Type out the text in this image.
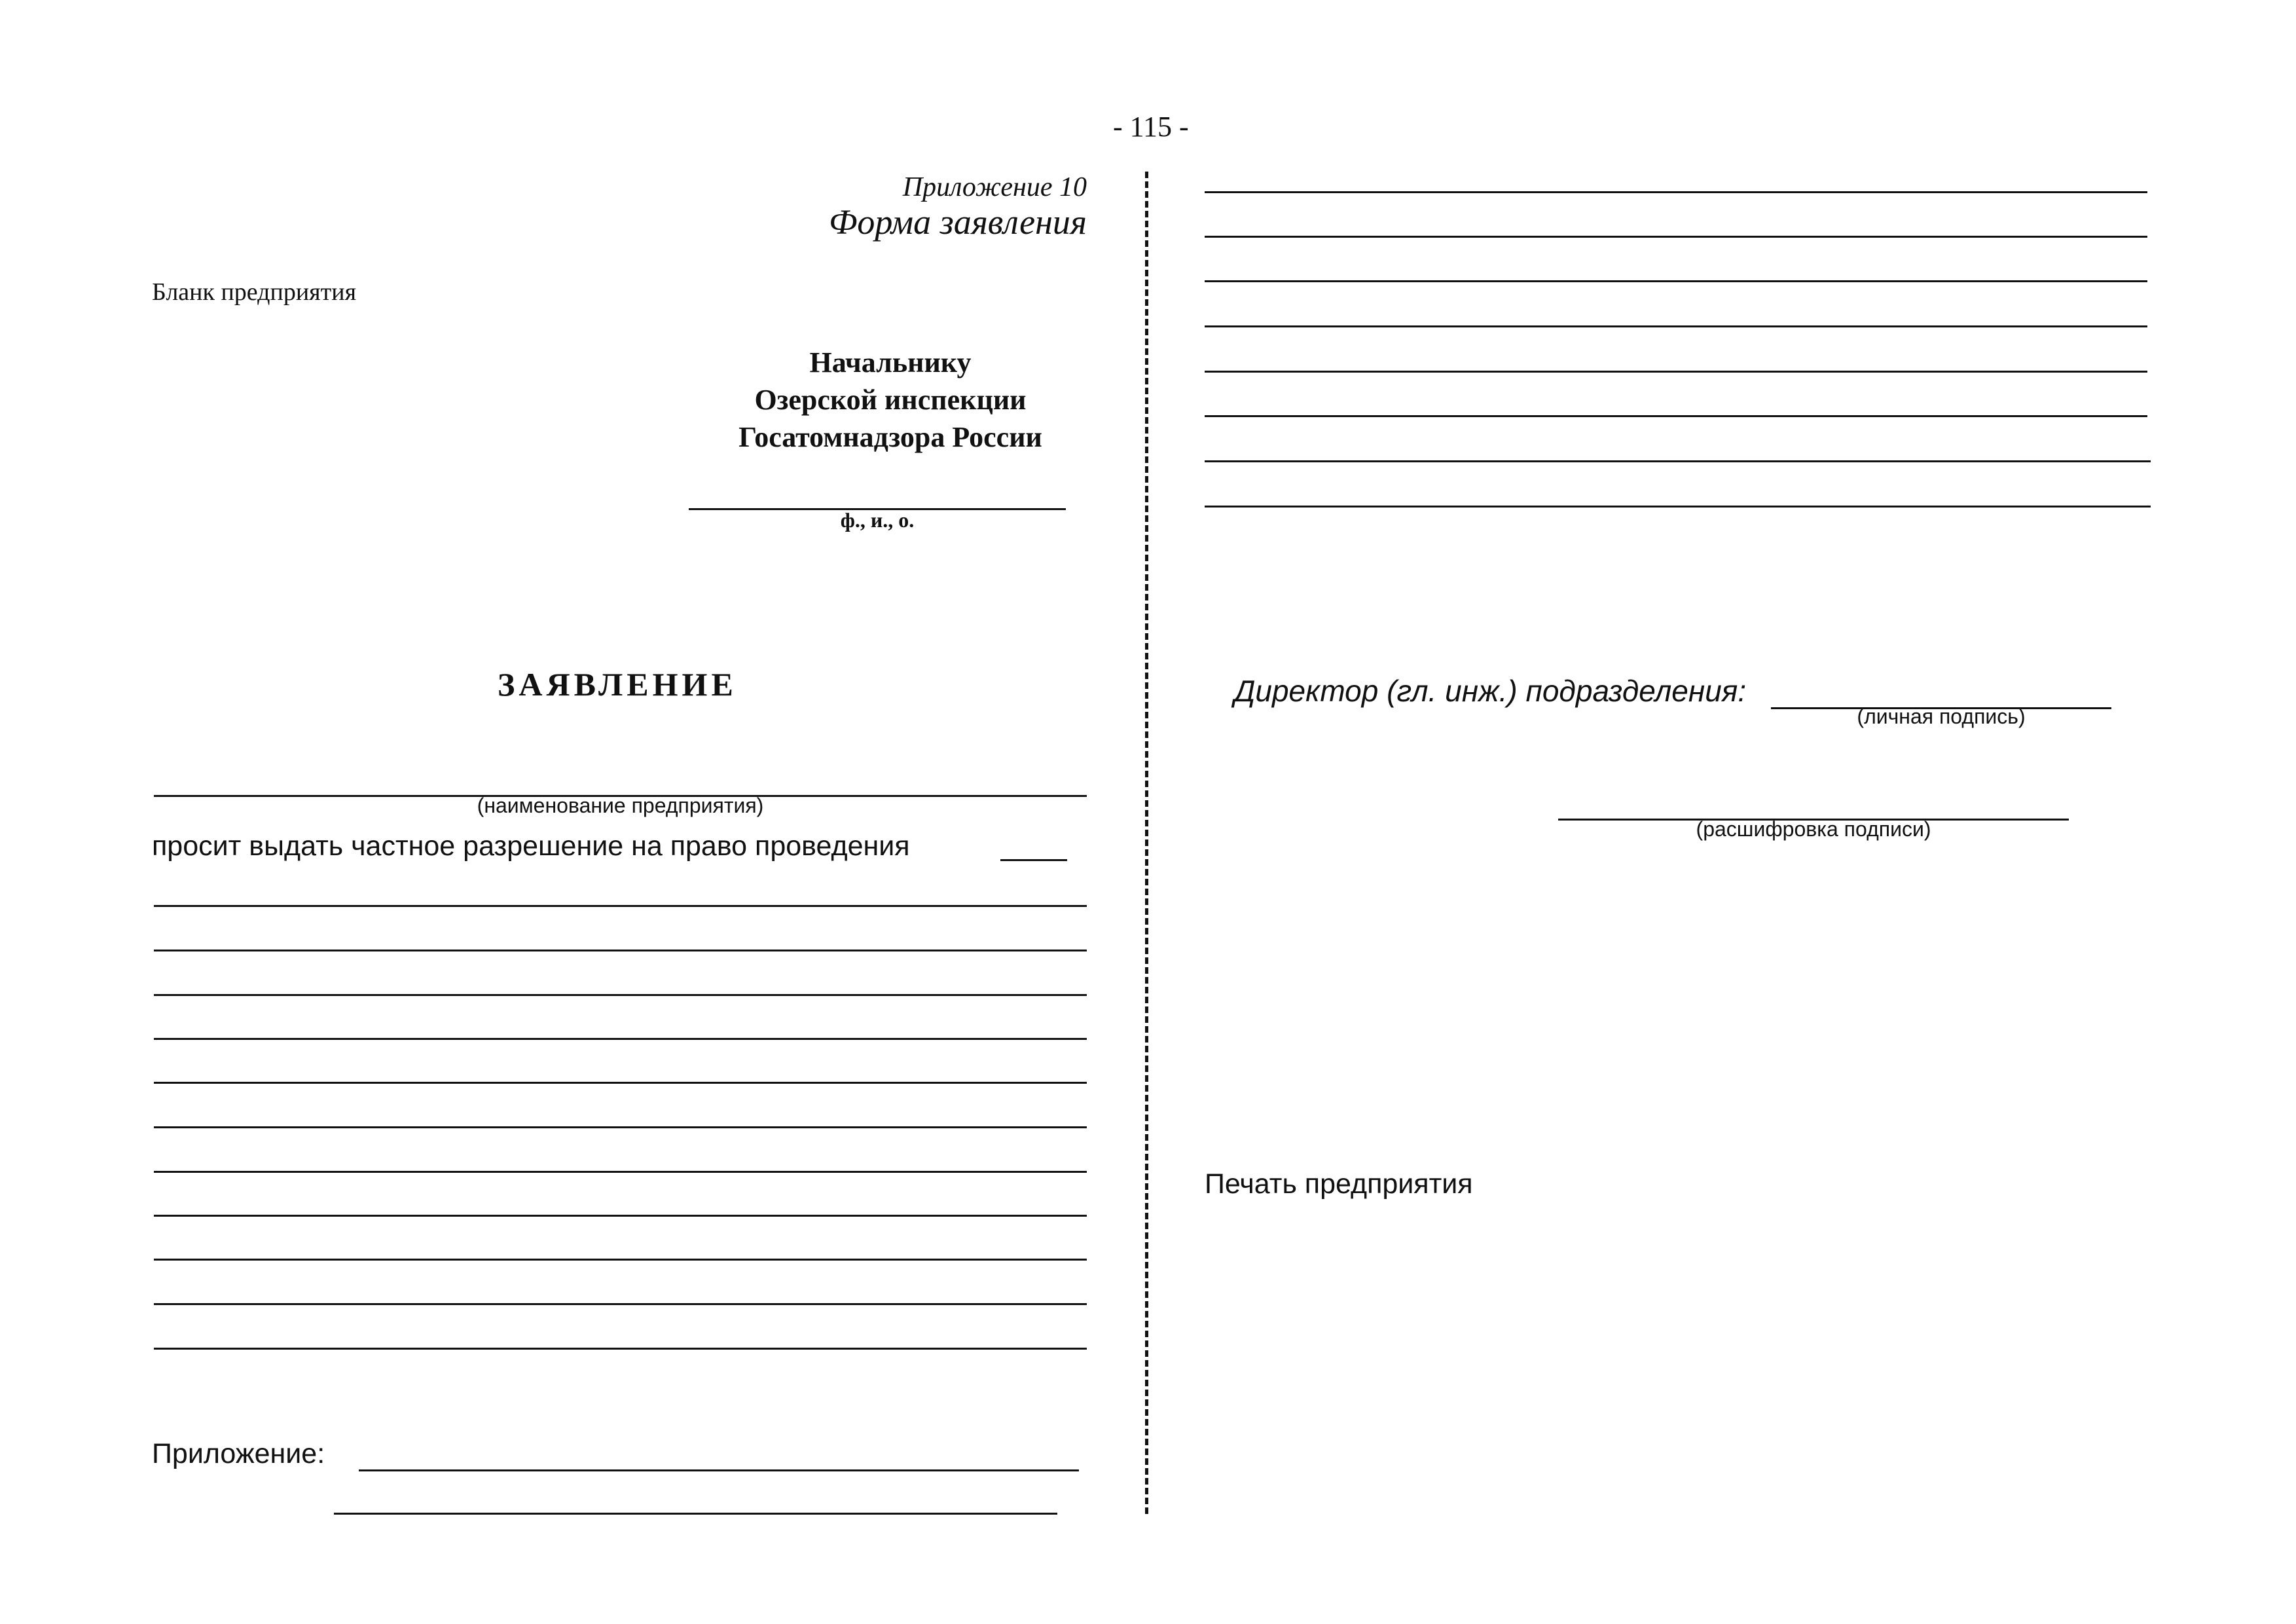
- 115 -
Приложение 10
Форма заявления
Бланк предприятия
Начальнику
Озерской инспекции
Госатомнадзора России
ф., и., о.
ЗАЯВЛЕНИЕ
(наименование предприятия)
просит выдать частное разрешение на право проведения
Приложение:
Директор (гл. инж.) подразделения:
(личная подпись)
(расшифровка подписи)
Печать предприятия
